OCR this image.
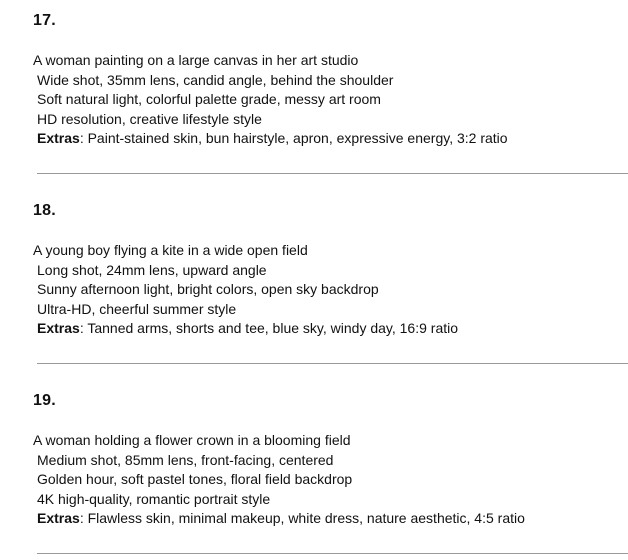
17.
A woman painting on a large canvas in her art studio
Wide shot, 35mm lens, candid angle, behind the shoulder
Soft natural light, colorful palette grade, messy art room
HD resolution, creative lifestyle style
Extras: Paint-stained skin, bun hairstyle, apron, expressive energy, 3:2 ratio
18.
A young boy flying a kite in a wide open field
Long shot, 24mm lens, upward angle
Sunny afternoon light, bright colors, open sky backdrop
Ultra-HD, cheerful summer style
Extras: Tanned arms, shorts and tee, blue sky, windy day, 16:9 ratio
19.
A woman holding a flower crown in a blooming field
Medium shot, 85mm lens, front-facing, centered
Golden hour, soft pastel tones, floral field backdrop
4K high-quality, romantic portrait style
Extras: Flawless skin, minimal makeup, white dress, nature aesthetic, 4:5 ratio
